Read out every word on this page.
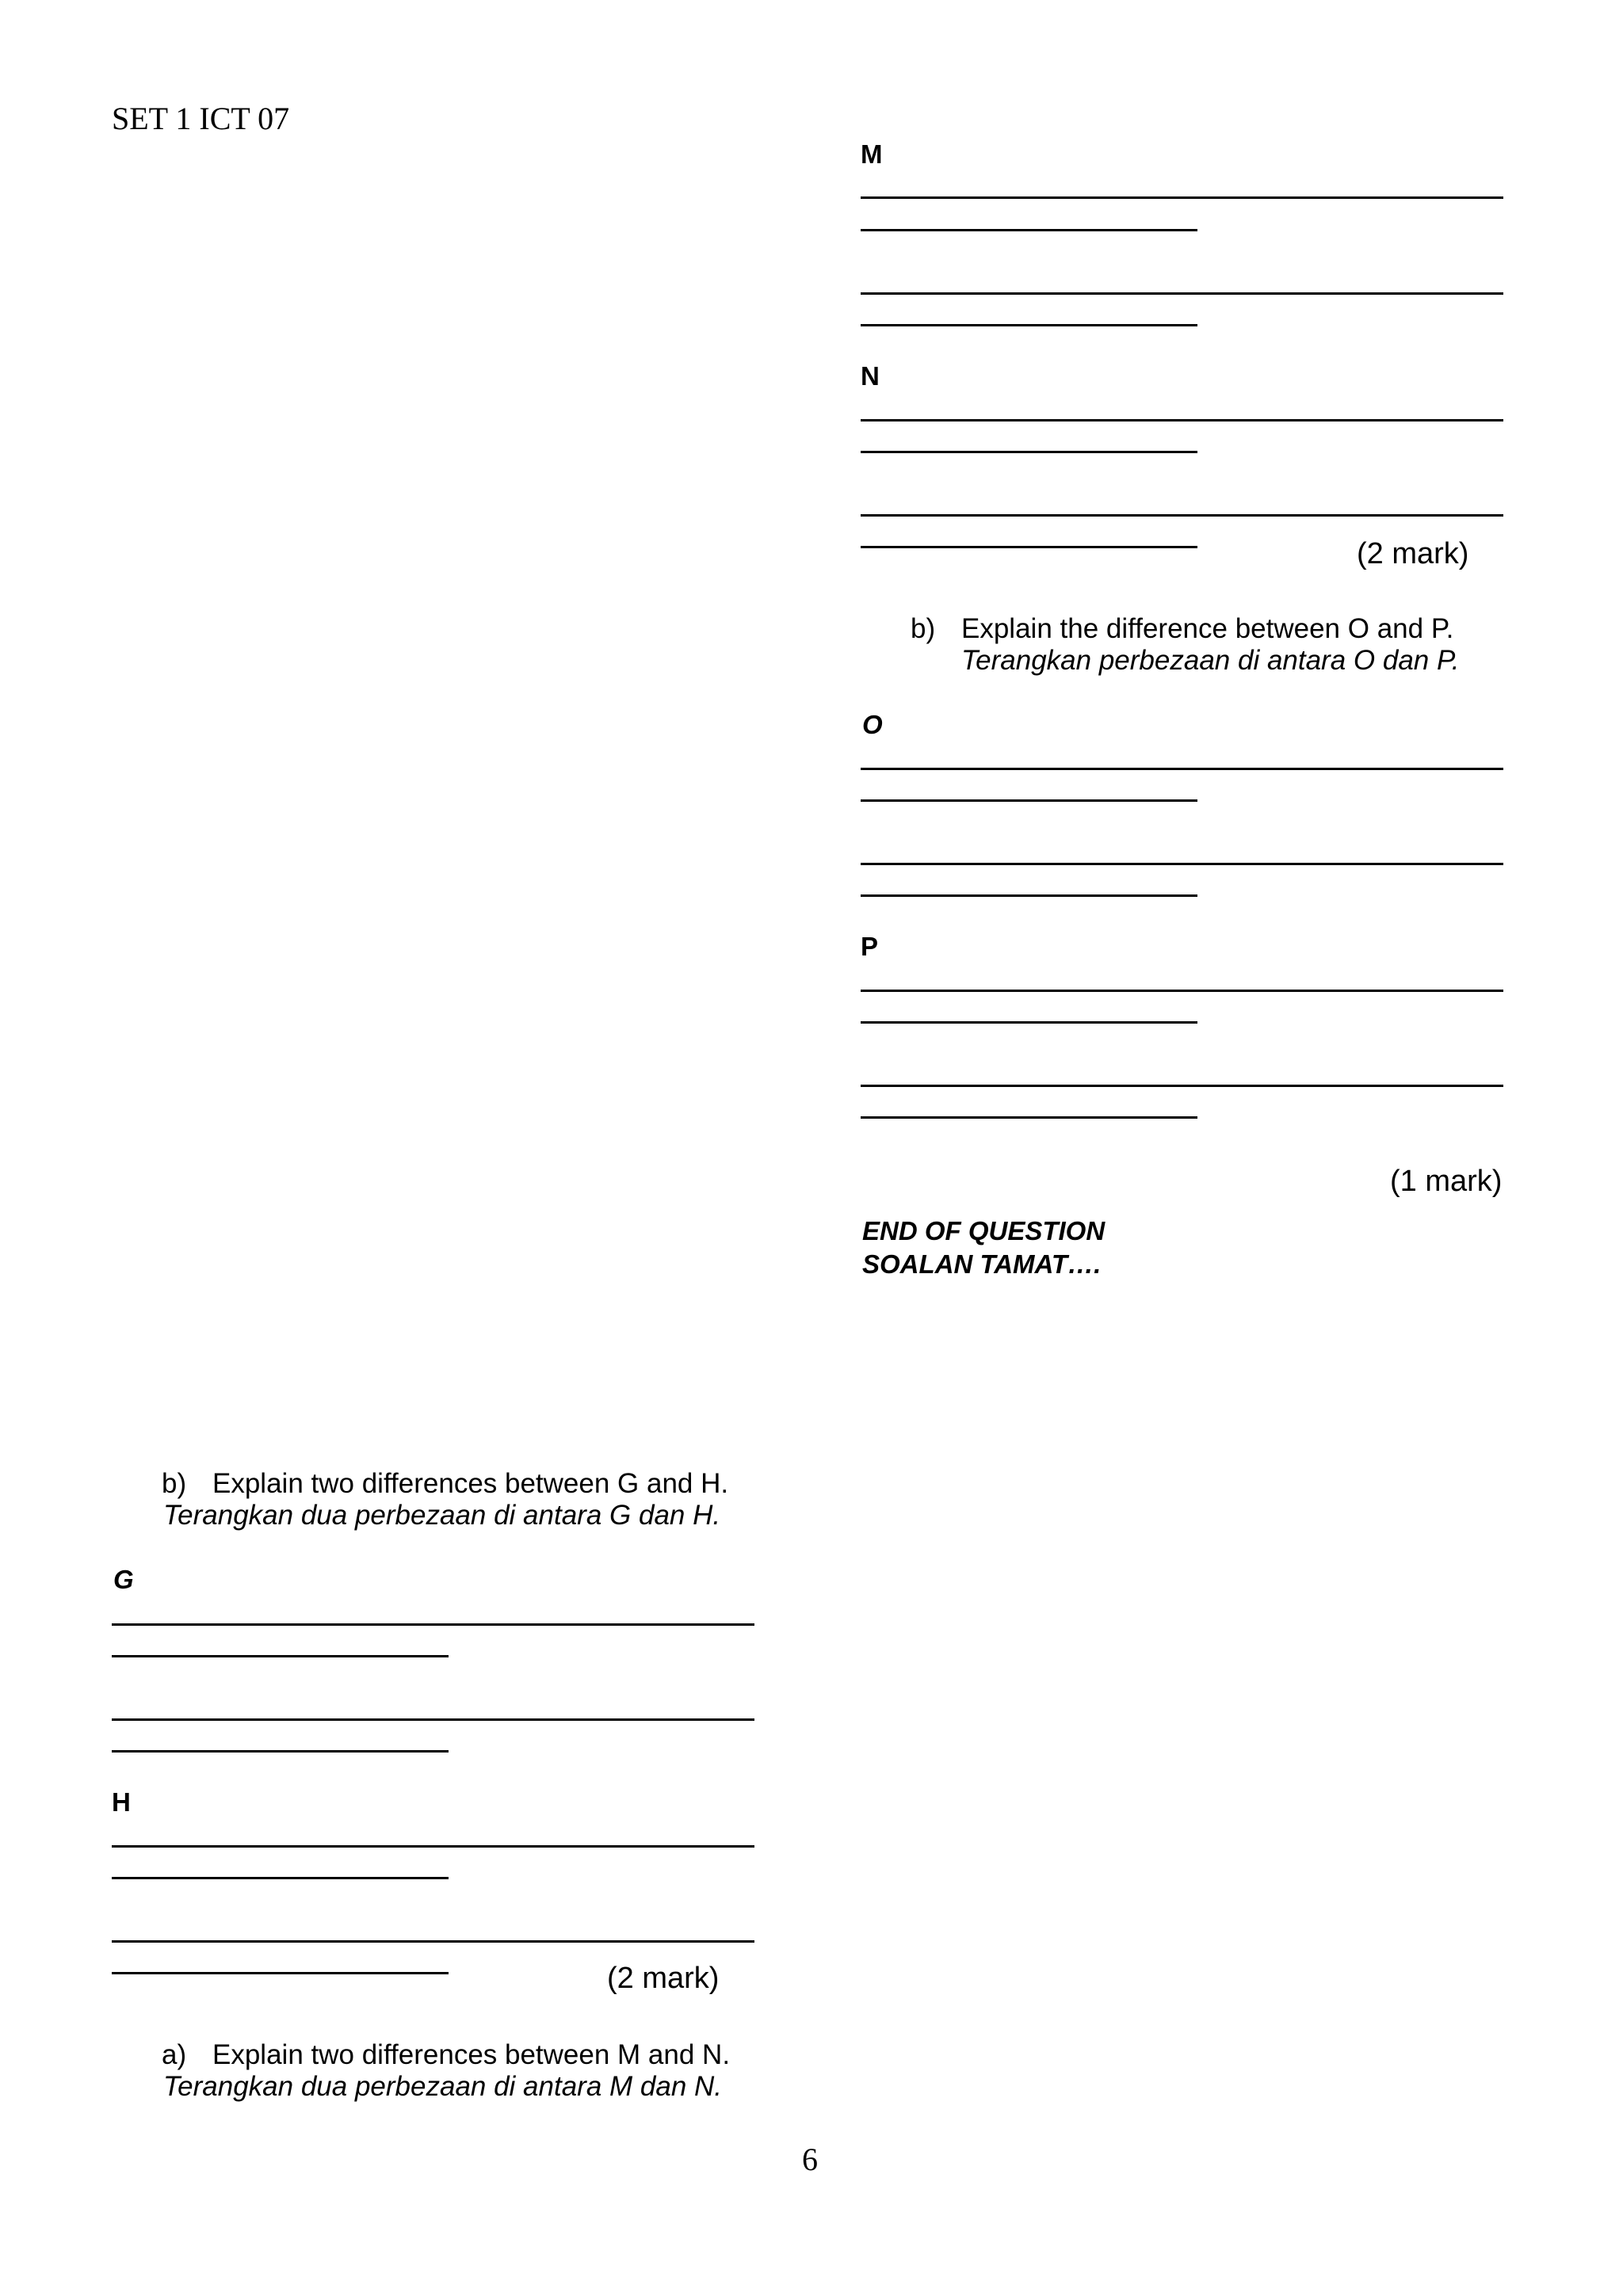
SET 1 ICT 07
M
N
(2 mark)
b) Explain the difference between O and P.
Terangkan perbezaan di antara O dan P.
O
P
(1 mark)
END OF QUESTION
SOALAN TAMAT….
b) Explain two differences between G and H.
Terangkan dua perbezaan di antara G dan H.
G
H
(2 mark)
a) Explain two differences between M and N.
Terangkan dua perbezaan di antara M dan N.
6
